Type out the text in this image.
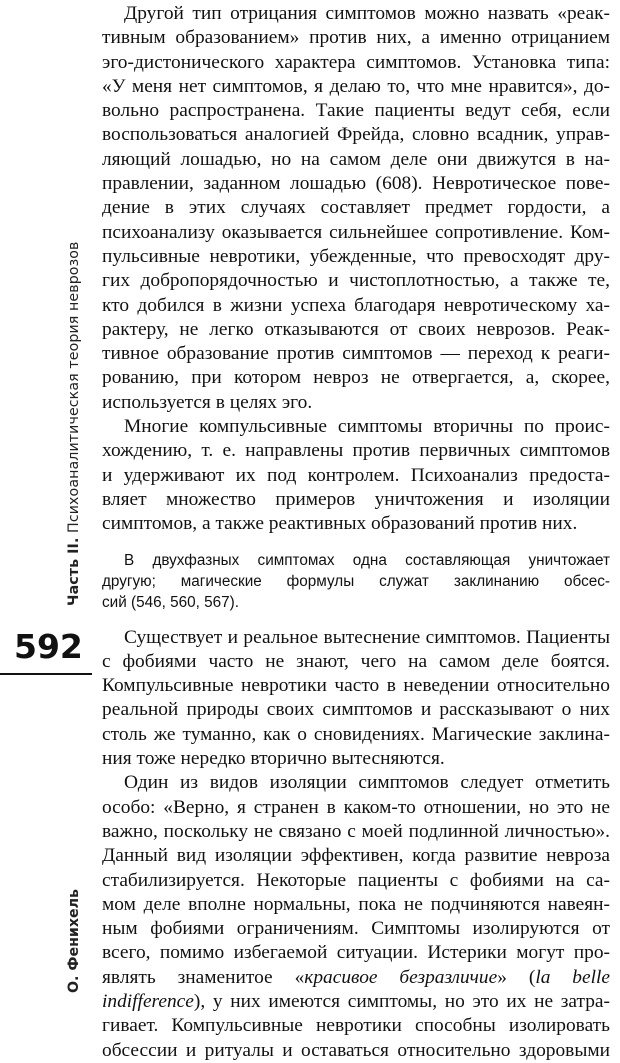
Часть II. Психоаналитическая теория неврозов
592
О. Фенихель
Другой тип отрицания симптомов можно назвать «реак-
тивным образованием» против них, а именно отрицанием
эго-дистонического характера симптомов. Установка типа:
«У меня нет симптомов, я делаю то, что мне нравится», до-
вольно распространена. Такие пациенты ведут себя, если
воспользоваться аналогией Фрейда, словно всадник, управ-
ляющий лошадью, но на самом деле они движутся в на-
правлении, заданном лошадью (608). Невротическое пове-
дение в этих случаях составляет предмет гордости, а
психоанализу оказывается сильнейшее сопротивление. Ком-
пульсивные невротики, убежденные, что превосходят дру-
гих добропорядочностью и чистоплотностью, а также те,
кто добился в жизни успеха благодаря невротическому ха-
рактеру, не легко отказываются от своих неврозов. Реак-
тивное образование против симптомов — переход к реаги-
рованию, при котором невроз не отвергается, а, скорее,
используется в целях эго.
Многие компульсивные симптомы вторичны по проис-
хождению, т. е. направлены против первичных симптомов
и удерживают их под контролем. Психоанализ предоста-
вляет множество примеров уничтожения и изоляции
симптомов, а также реактивных образований против них.
В двухфазных симптомах одна составляющая уничтожает
другую; магические формулы служат заклинанию обсес-
сий (546, 560, 567).
Существует и реальное вытеснение симптомов. Пациенты
с фобиями часто не знают, чего на самом деле боятся.
Компульсивные невротики часто в неведении относительно
реальной природы своих симптомов и рассказывают о них
столь же туманно, как о сновидениях. Магические заклина-
ния тоже нередко вторично вытесняются.
Один из видов изоляции симптомов следует отметить
особо: «Верно, я странен в каком-то отношении, но это не
важно, поскольку не связано с моей подлинной личностью».
Данный вид изоляции эффективен, когда развитие невроза
стабилизируется. Некоторые пациенты с фобиями на са-
мом деле вполне нормальны, пока не подчиняются навеян-
ным фобиями ограничениям. Симптомы изолируются от
всего, помимо избегаемой ситуации. Истерики могут про-
являть знаменитое «красивое безразличие» (la belle
indifference), у них имеются симптомы, но это их не затра-
гивает. Компульсивные невротики способны изолировать
обсессии и ритуалы и оставаться относительно здоровыми
